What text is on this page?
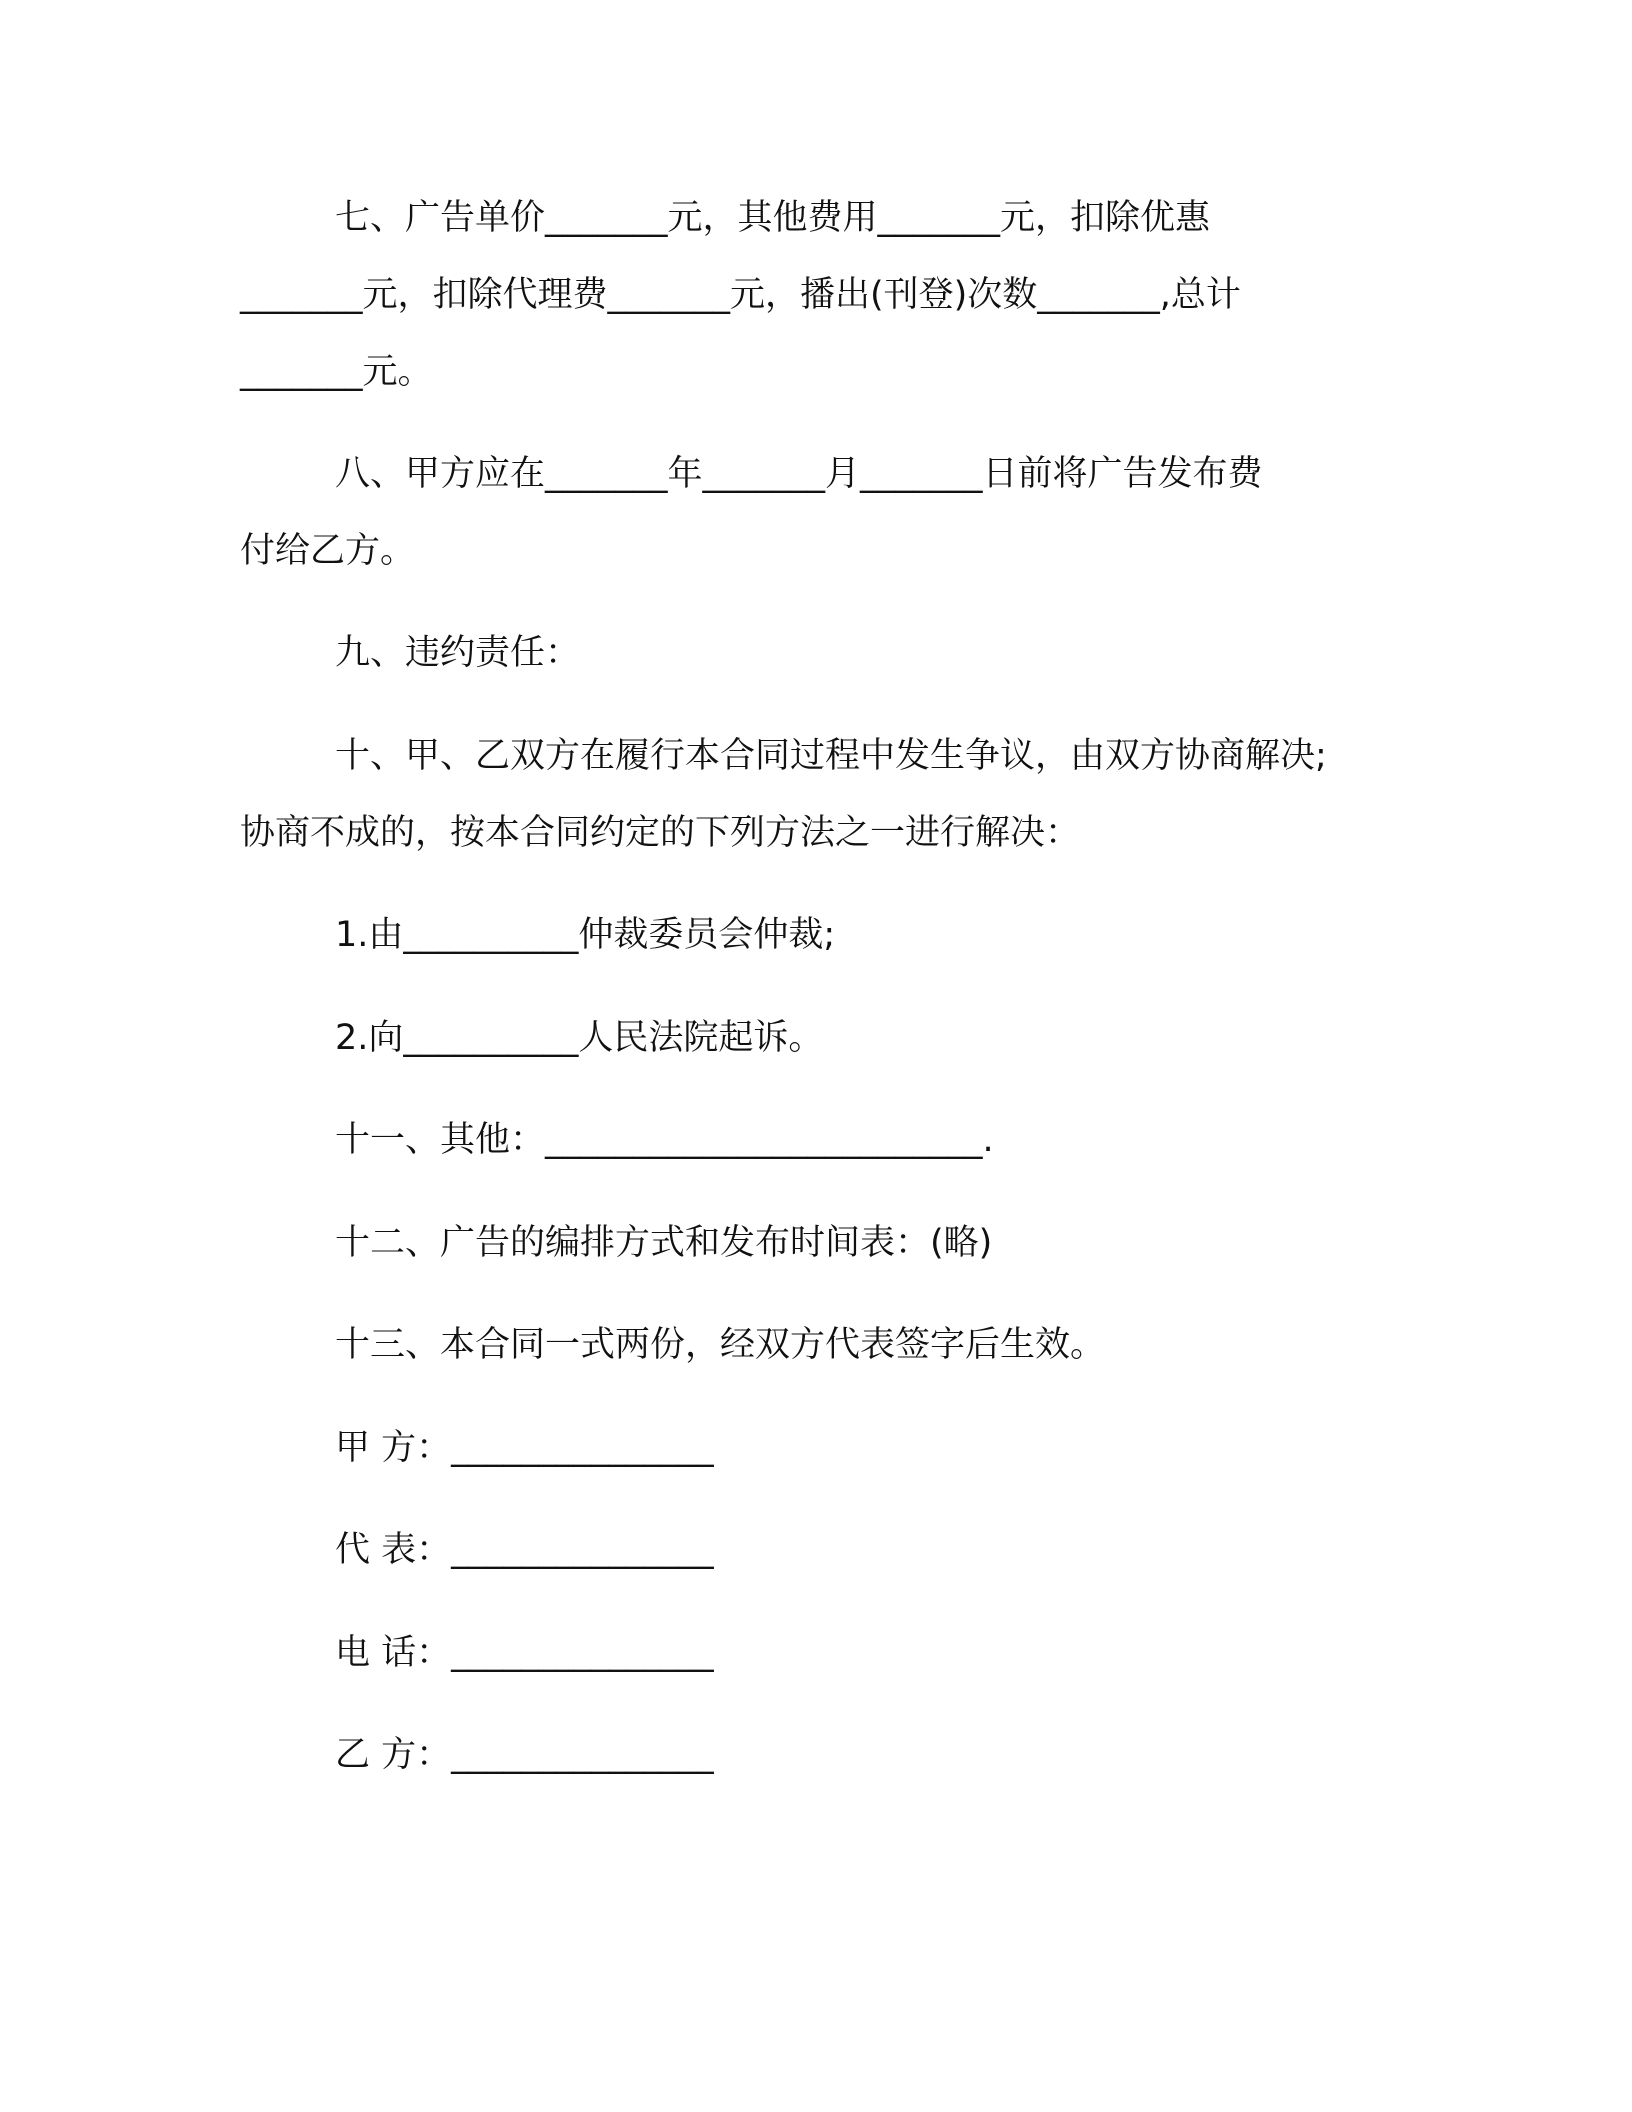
七、广告单价_______元，其他费用_______元，扣除优惠
_______元，扣除代理费_______元，播出(刊登)次数_______,总计
_______元。
八、甲方应在_______年_______月_______日前将广告发布费
付给乙方。
九、违约责任：
十、甲、乙双方在履行本合同过程中发生争议，由双方协商解决;
协商不成的，按本合同约定的下列方法之一进行解决：
1.由__________仲裁委员会仲裁;
2.向__________人民法院起诉。
十一、其他：_________________________.
十二、广告的编排方式和发布时间表：(略)
十三、本合同一式两份，经双方代表签字后生效。
甲 方：_______________
代 表：_______________
电 话：_______________
乙 方：_______________
